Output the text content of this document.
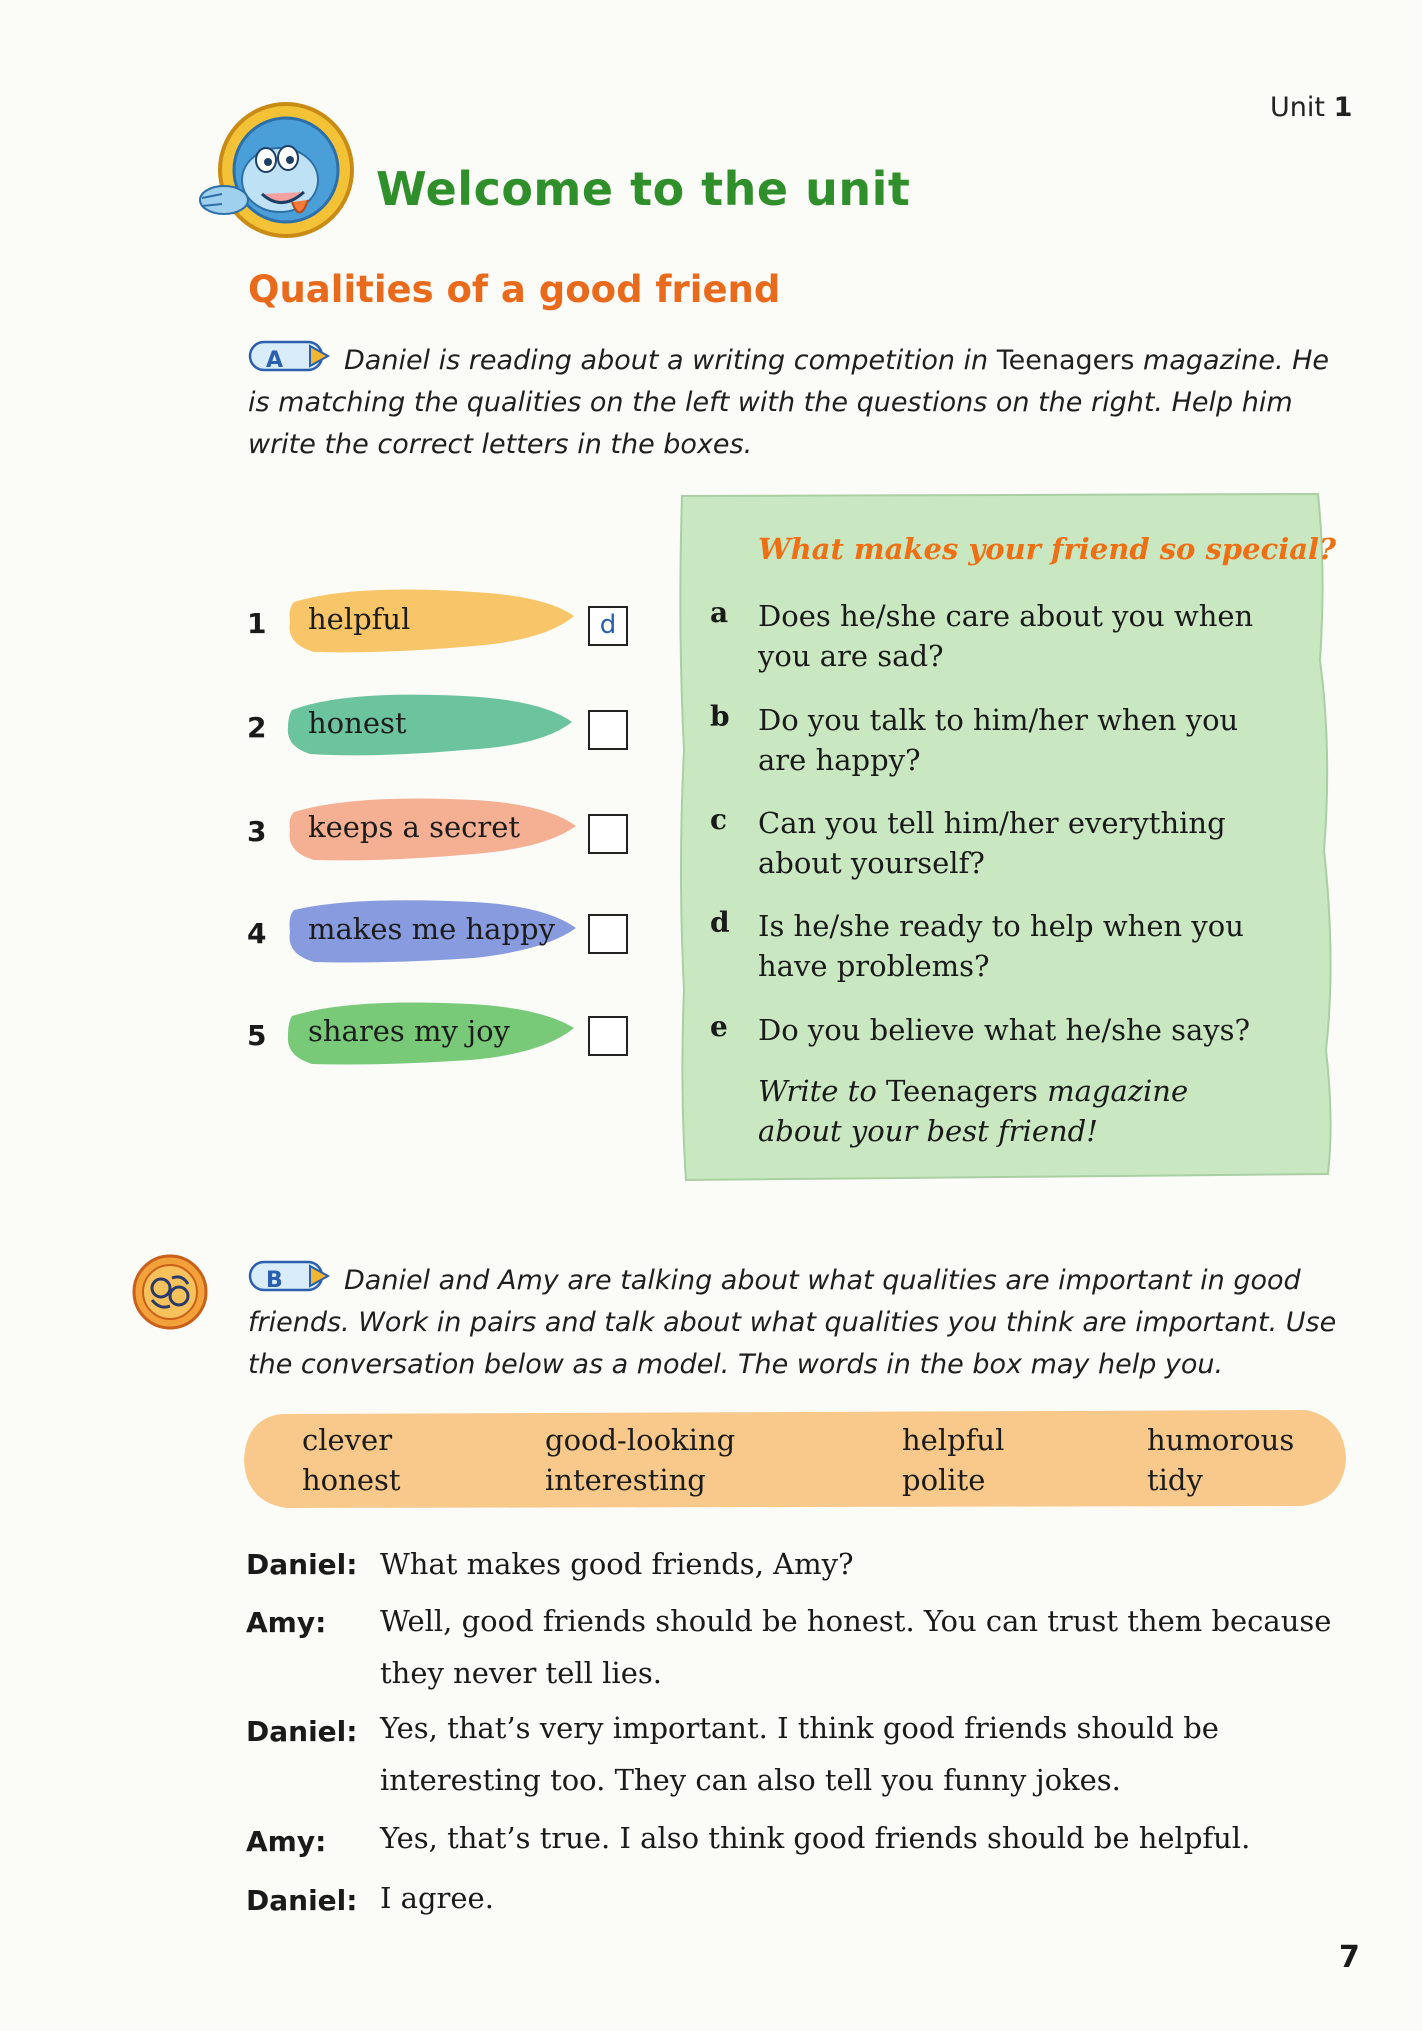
Unit 1
Welcome to the unit
Qualities of a good friend
A Daniel is reading about a writing competition in Teenagers magazine. He is matching the qualities on the left with the questions on the right. Help him write the correct letters in the boxes.
1 helpful	d
2 honest
3 keeps a secret
4 makes me happy
5 shares my joy
What makes your friend so special?
a Does he/she care about you when you are sad?
b Do you talk to him/her when you are happy?
c Can you tell him/her everything about yourself?
d Is he/she ready to help when you have problems?
e Do you believe what he/she says?
Write to Teenagers magazine about your best friend!
B Daniel and Amy are talking about what qualities are important in good friends. Work in pairs and talk about what qualities you think are important. Use the conversation below as a model. The words in the box may help you.
clever
honest
good-looking
interesting
helpful
polite
humorous
tidy
Daniel: What makes good friends, Amy?
Amy: Well, good friends should be honest. You can trust them because they never tell lies.
Daniel: Yes, that’s very important. I think good friends should be interesting too. They can also tell you funny jokes.
Amy: Yes, that’s true. I also think good friends should be helpful.
Daniel: I agree.
7
